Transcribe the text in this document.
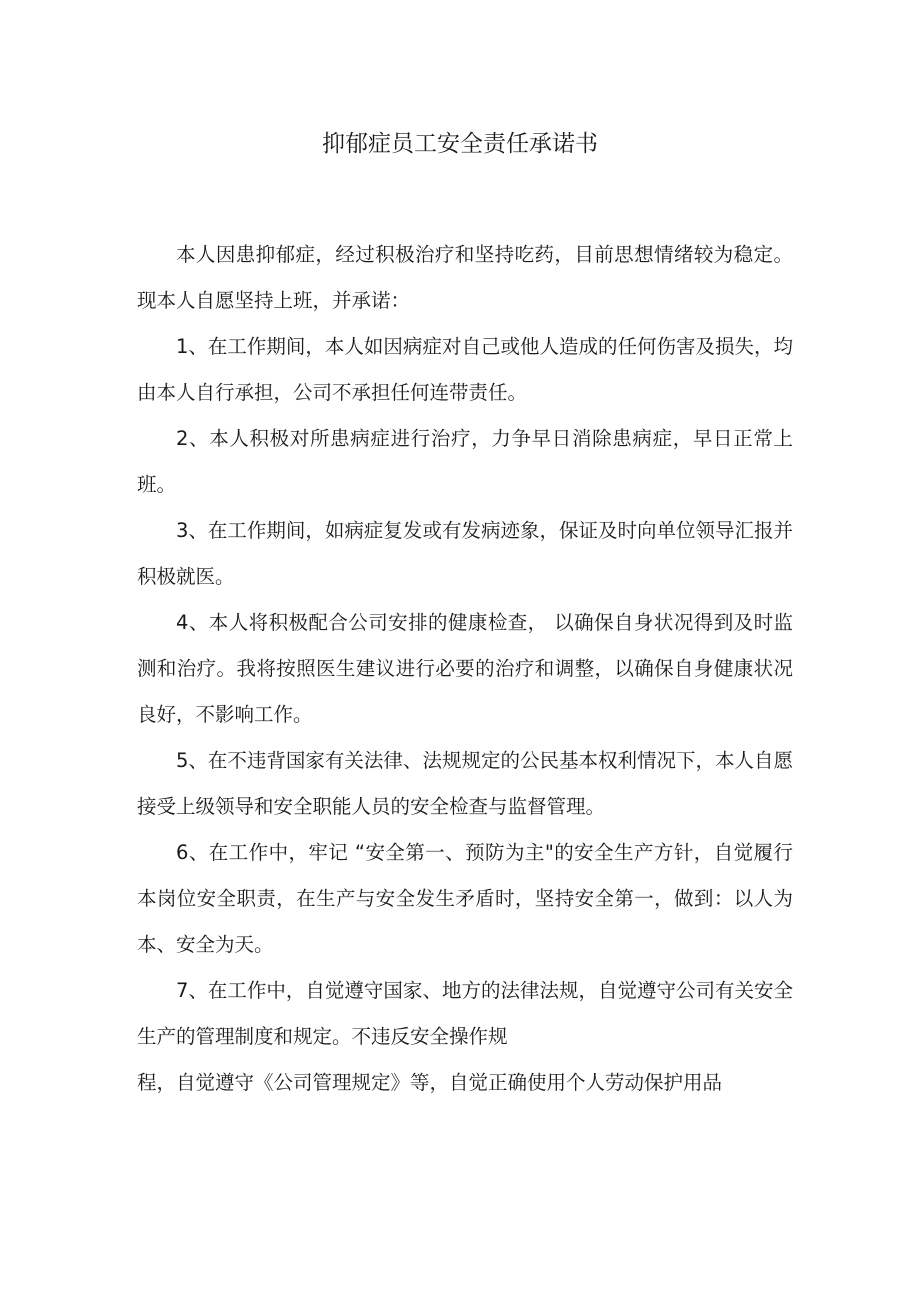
抑郁症员工安全责任承诺书

本人因患抑郁症，经过积极治疗和坚持吃药，目前思想情绪较为稳定。现本人自愿坚持上班，并承诺：

1、在工作期间，本人如因病症对自己或他人造成的任何伤害及损失，均由本人自行承担，公司不承担任何连带责任。

2、本人积极对所患病症进行治疗，力争早日消除患病症，早日正常上班。

3、在工作期间，如病症复发或有发病迹象，保证及时向单位领导汇报并积极就医。

4、本人将积极配合公司安排的健康检查， 以确保自身状况得到及时监测和治疗。我将按照医生建议进行必要的治疗和调整，以确保自身健康状况良好，不影响工作。

5、在不违背国家有关法律、法规规定的公民基本权利情况下，本人自愿接受上级领导和安全职能人员的安全检查与监督管理。

6、在工作中，牢记 “安全第一、预防为主"的安全生产方针，自觉履行本岗位安全职责，在生产与安全发生矛盾时，坚持安全第一，做到：以人为本、安全为天。

7、在工作中，自觉遵守国家、地方的法律法规，自觉遵守公司有关安全生产的管理制度和规定。不违反安全操作规

程，自觉遵守《公司管理规定》等，自觉正确使用个人劳动保护用品
